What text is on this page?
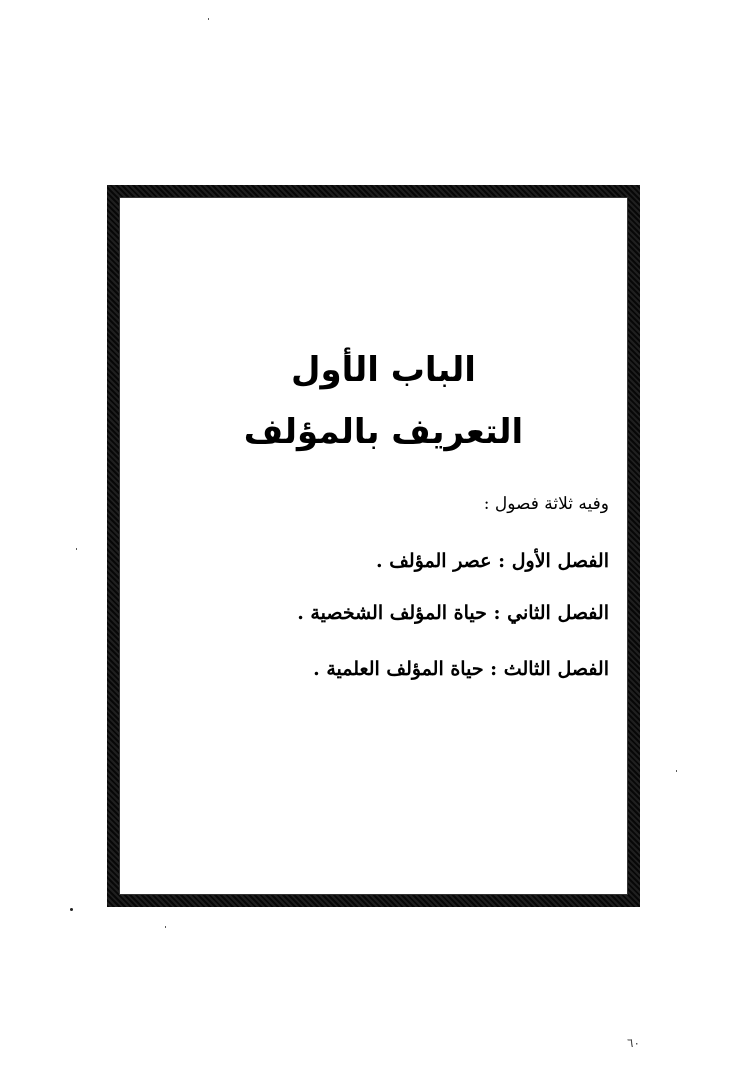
الباب الأول
التعريف بالمؤلف
وفيه ثلاثة فصول :
الفصل الأول : عصر المؤلف .
الفصل الثاني : حياة المؤلف الشخصية .
الفصل الثالث : حياة المؤلف العلمية .
٦٠
